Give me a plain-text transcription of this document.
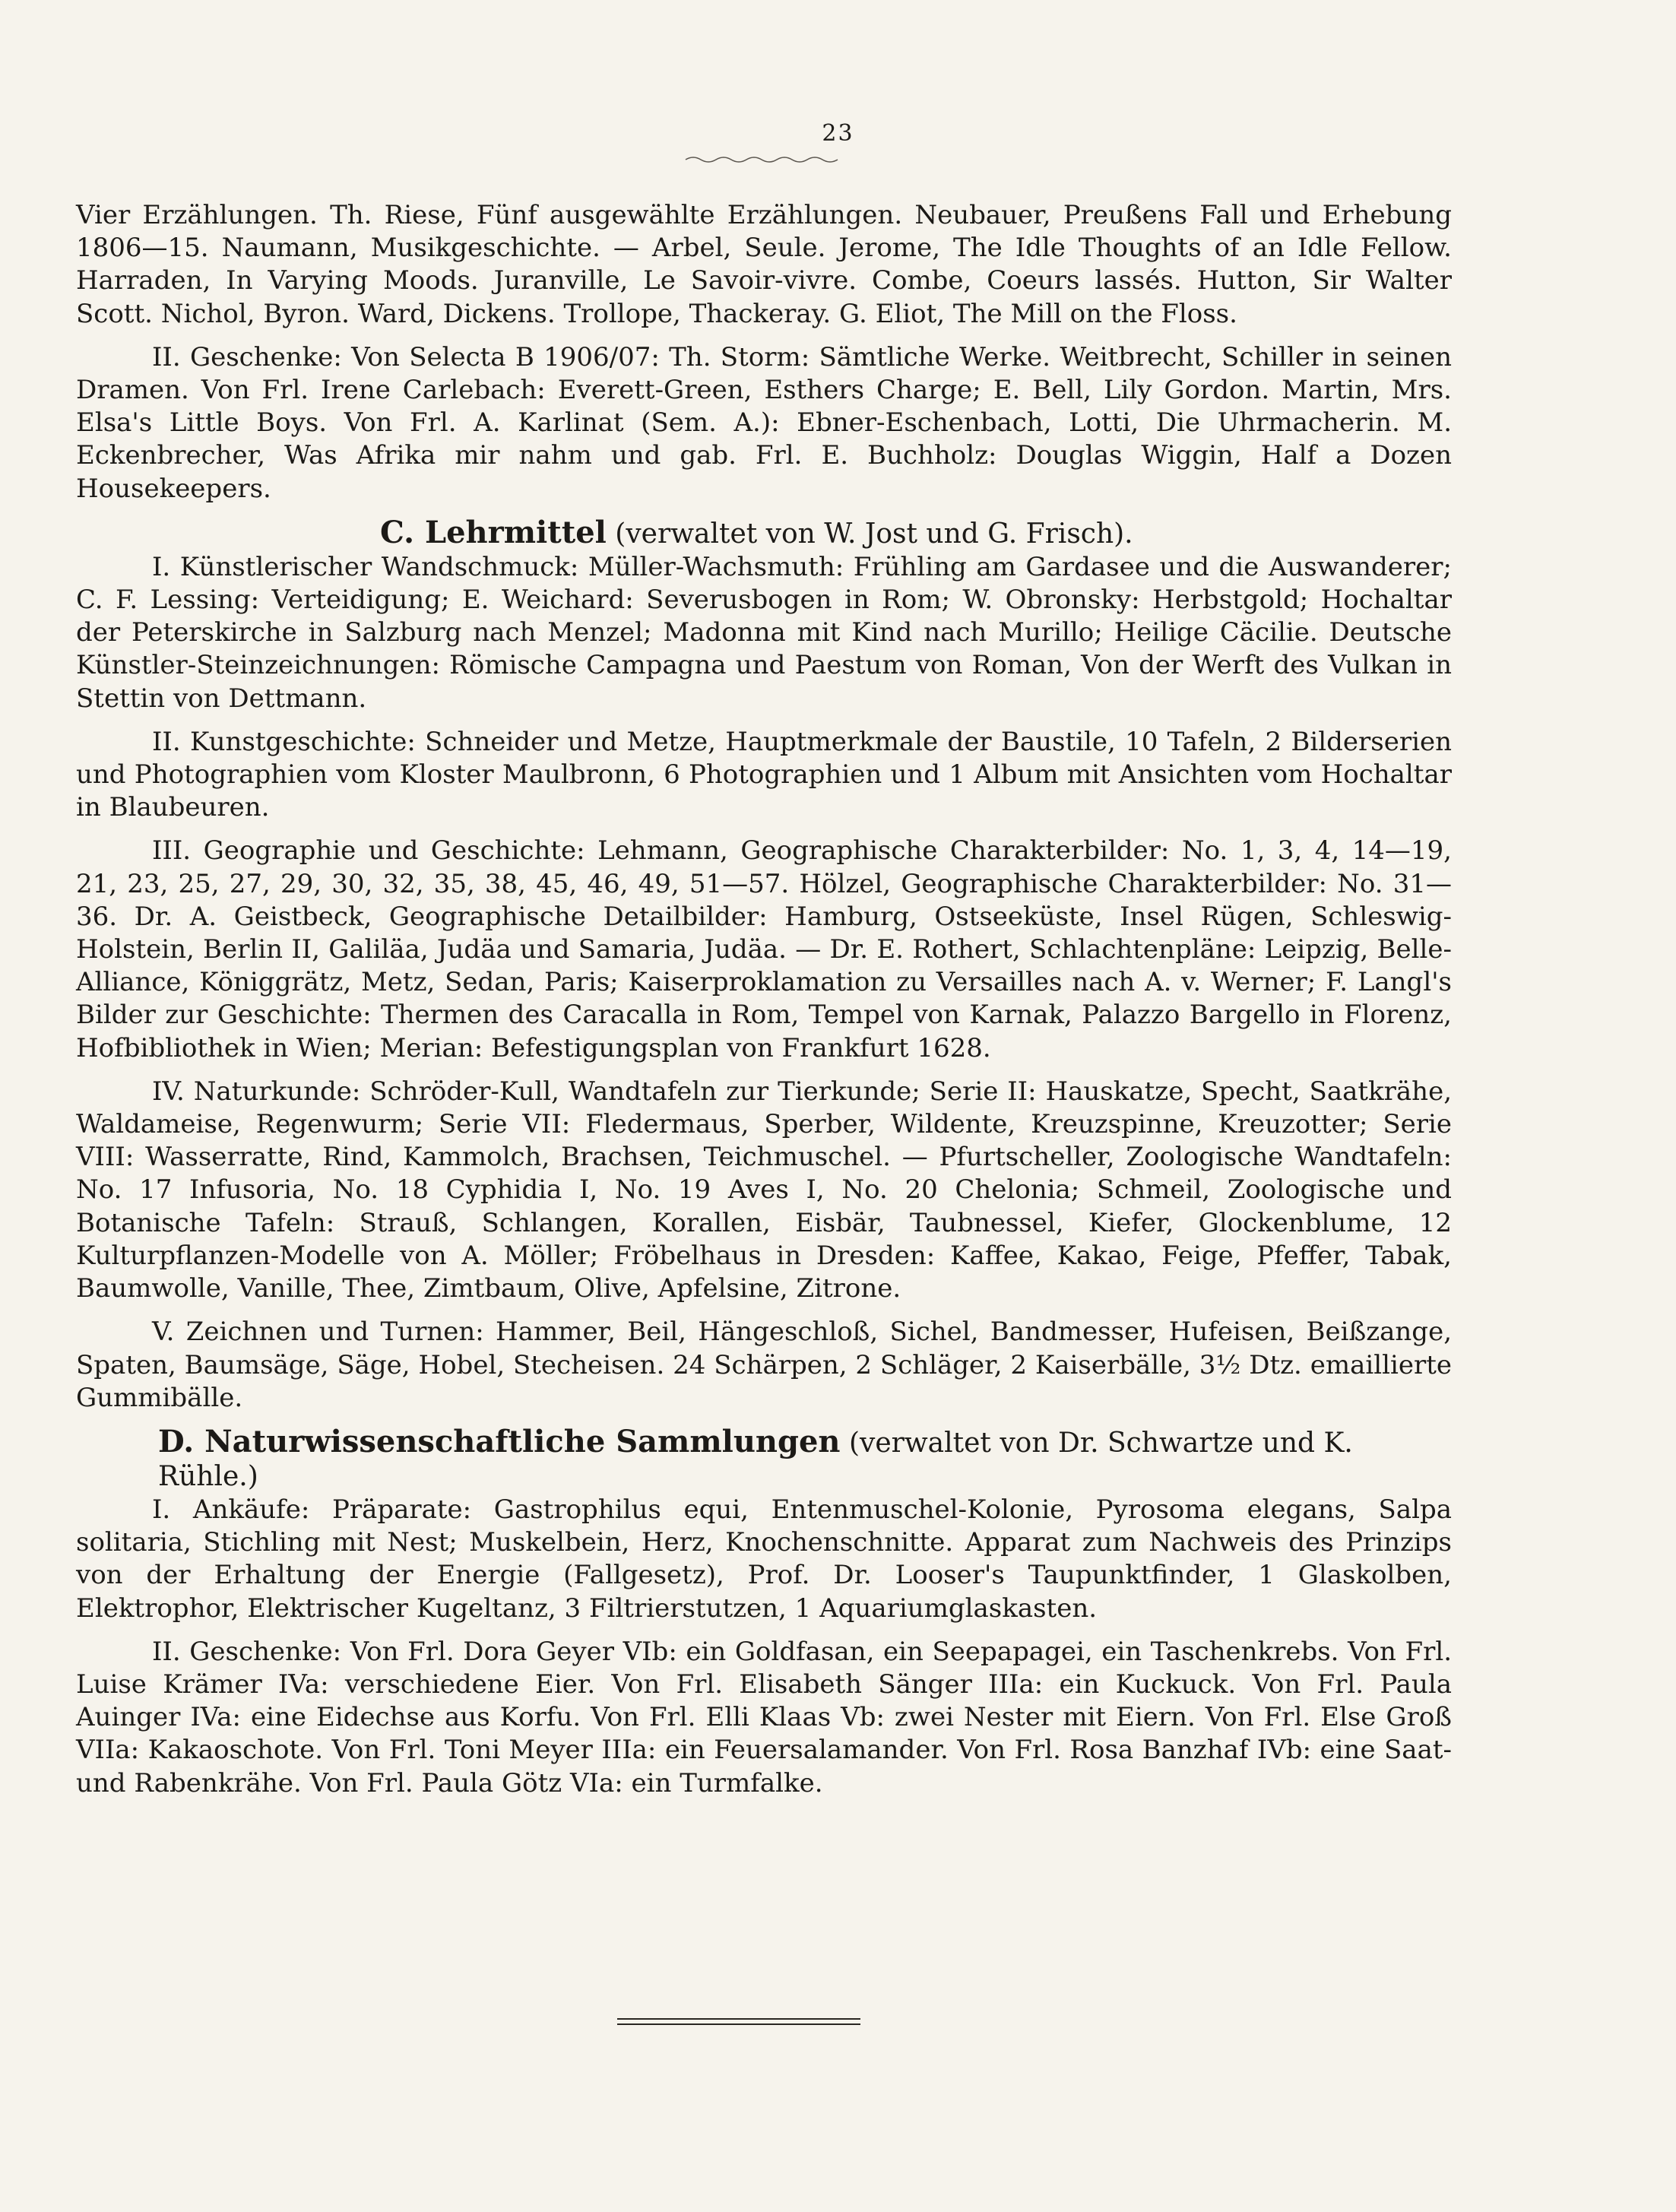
23

Vier Erzählungen. Th. Riese, Fünf ausgewählte Erzählungen. Neubauer, Preußens Fall und Erhebung 1806—15. Naumann, Musikgeschichte. — Arbel, Seule. Jerome, The Idle Thoughts of an Idle Fellow. Harraden, In Varying Moods. Juranville, Le Savoir-vivre. Combe, Coeurs lassés. Hutton, Sir Walter Scott. Nichol, Byron. Ward, Dickens. Trollope, Thackeray. G. Eliot, The Mill on the Floss.

II. Geschenke: Von Selecta B 1906/07: Th. Storm: Sämtliche Werke. Weitbrecht, Schiller in seinen Dramen. Von Frl. Irene Carlebach: Everett-Green, Esthers Charge; E. Bell, Lily Gordon. Martin, Mrs. Elsa's Little Boys. Von Frl. A. Karlinat (Sem. A.): Ebner-Eschenbach, Lotti, Die Uhrmacherin. M. Eckenbrecher, Was Afrika mir nahm und gab. Frl. E. Buchholz: Douglas Wiggin, Half a Dozen Housekeepers.

C. Lehrmittel (verwaltet von W. Jost und G. Frisch).

I. Künstlerischer Wandschmuck: Müller-Wachsmuth: Frühling am Gardasee und die Auswanderer; C. F. Lessing: Verteidigung; E. Weichard: Severusbogen in Rom; W. Obronsky: Herbstgold; Hochaltar der Peterskirche in Salzburg nach Menzel; Madonna mit Kind nach Murillo; Heilige Cäcilie. Deutsche Künstler-Steinzeichnungen: Römische Campagna und Paestum von Roman, Von der Werft des Vulkan in Stettin von Dettmann.

II. Kunstgeschichte: Schneider und Metze, Hauptmerkmale der Baustile, 10 Tafeln, 2 Bilderserien und Photographien vom Kloster Maulbronn, 6 Photographien und 1 Album mit Ansichten vom Hochaltar in Blaubeuren.

III. Geographie und Geschichte: Lehmann, Geographische Charakterbilder: No. 1, 3, 4, 14—19, 21, 23, 25, 27, 29, 30, 32, 35, 38, 45, 46, 49, 51—57. Hölzel, Geographische Charakterbilder: No. 31—36. Dr. A. Geistbeck, Geographische Detailbilder: Hamburg, Ostseeküste, Insel Rügen, Schleswig-Holstein, Berlin II, Galiläa, Judäa und Samaria, Judäa. — Dr. E. Rothert, Schlachtenpläne: Leipzig, Belle-Alliance, Königgrätz, Metz, Sedan, Paris; Kaiserproklamation zu Versailles nach A. v. Werner; F. Langl's Bilder zur Geschichte: Thermen des Caracalla in Rom, Tempel von Karnak, Palazzo Bargello in Florenz, Hofbibliothek in Wien; Merian: Befestigungsplan von Frankfurt 1628.

IV. Naturkunde: Schröder-Kull, Wandtafeln zur Tierkunde; Serie II: Hauskatze, Specht, Saatkrähe, Waldameise, Regenwurm; Serie VII: Fledermaus, Sperber, Wildente, Kreuzspinne, Kreuzotter; Serie VIII: Wasserratte, Rind, Kammolch, Brachsen, Teichmuschel. — Pfurtscheller, Zoologische Wandtafeln: No. 17 Infusoria, No. 18 Cyphidia I, No. 19 Aves I, No. 20 Chelonia; Schmeil, Zoologische und Botanische Tafeln: Strauß, Schlangen, Korallen, Eisbär, Taubnessel, Kiefer, Glockenblume, 12 Kulturpflanzen-Modelle von A. Möller; Fröbelhaus in Dresden: Kaffee, Kakao, Feige, Pfeffer, Tabak, Baumwolle, Vanille, Thee, Zimtbaum, Olive, Apfelsine, Zitrone.

V. Zeichnen und Turnen: Hammer, Beil, Hängeschloß, Sichel, Bandmesser, Hufeisen, Beißzange, Spaten, Baumsäge, Säge, Hobel, Stecheisen. 24 Schärpen, 2 Schläger, 2 Kaiserbälle, 3½ Dtz. emaillierte Gummibälle.

D. Naturwissenschaftliche Sammlungen (verwaltet von Dr. Schwartze und K. Rühle.)

I. Ankäufe: Präparate: Gastrophilus equi, Entenmuschel-Kolonie, Pyrosoma elegans, Salpa solitaria, Stichling mit Nest; Muskelbein, Herz, Knochenschnitte. Apparat zum Nachweis des Prinzips von der Erhaltung der Energie (Fallgesetz), Prof. Dr. Looser's Taupunktfinder, 1 Glaskolben, Elektrophor, Elektrischer Kugeltanz, 3 Filtrierstutzen, 1 Aquariumglaskasten.

II. Geschenke: Von Frl. Dora Geyer VIb: ein Goldfasan, ein Seepapagei, ein Taschenkrebs. Von Frl. Luise Krämer IVa: verschiedene Eier. Von Frl. Elisabeth Sänger IIIa: ein Kuckuck. Von Frl. Paula Auinger IVa: eine Eidechse aus Korfu. Von Frl. Elli Klaas Vb: zwei Nester mit Eiern. Von Frl. Else Groß VIIa: Kakaoschote. Von Frl. Toni Meyer IIIa: ein Feuersalamander. Von Frl. Rosa Banzhaf IVb: eine Saat- und Rabenkrähe. Von Frl. Paula Götz VIa: ein Turmfalke.
